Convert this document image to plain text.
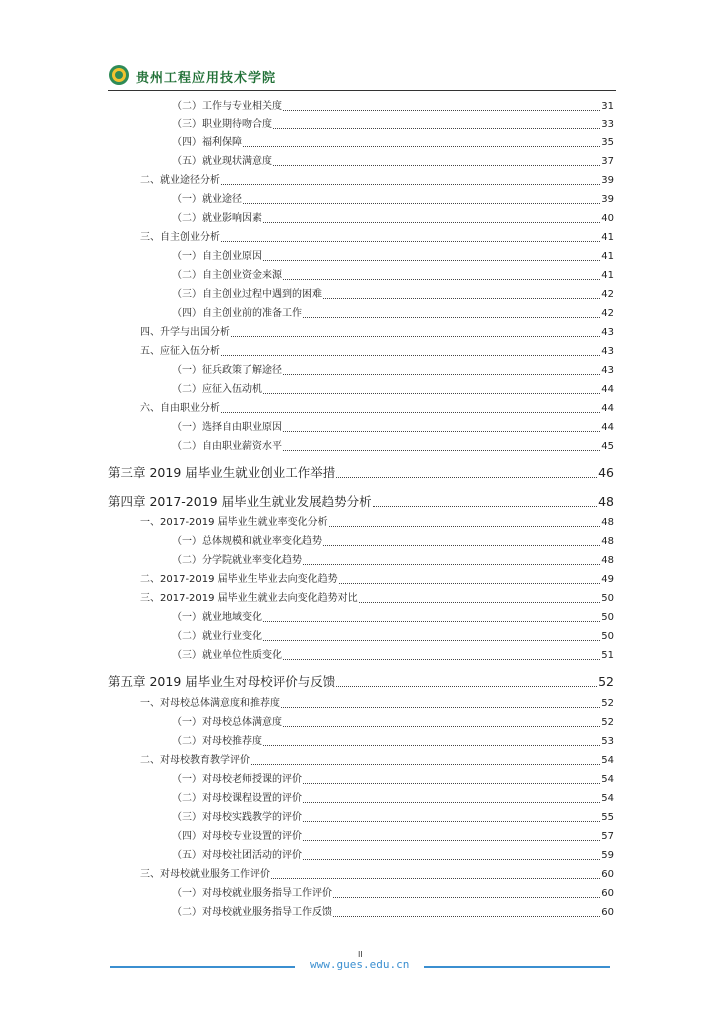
贵州工程应用技术学院
（二）工作与专业相关度	31
（三）职业期待吻合度	33
（四）福利保障	35
（五）就业现状满意度	37
二、就业途径分析	39
（一）就业途径	39
（二）就业影响因素	40
三、自主创业分析	41
（一）自主创业原因	41
（二）自主创业资金来源	41
（三）自主创业过程中遇到的困难	42
（四）自主创业前的准备工作	42
四、升学与出国分析	43
五、应征入伍分析	43
（一）征兵政策了解途径	43
（二）应征入伍动机	44
六、自由职业分析	44
（一）选择自由职业原因	44
（二）自由职业薪资水平	45
第三章 2019 届毕业生就业创业工作举措	46
第四章 2017-2019 届毕业生就业发展趋势分析	48
一、2017-2019 届毕业生就业率变化分析	48
（一）总体规模和就业率变化趋势	48
（二）分学院就业率变化趋势	48
二、2017-2019 届毕业生毕业去向变化趋势	49
三、2017-2019 届毕业生就业去向变化趋势对比	50
（一）就业地域变化	50
（二）就业行业变化	50
（三）就业单位性质变化	51
第五章 2019 届毕业生对母校评价与反馈	52
一、对母校总体满意度和推荐度	52
（一）对母校总体满意度	52
（二）对母校推荐度	53
二、对母校教育教学评价	54
（一）对母校老师授课的评价	54
（二）对母校课程设置的评价	54
（三）对母校实践教学的评价	55
（四）对母校专业设置的评价	57
（五）对母校社团活动的评价	59
三、对母校就业服务工作评价	60
（一）对母校就业服务指导工作评价	60
（二）对母校就业服务指导工作反馈	60
II
www.gues.edu.cn
